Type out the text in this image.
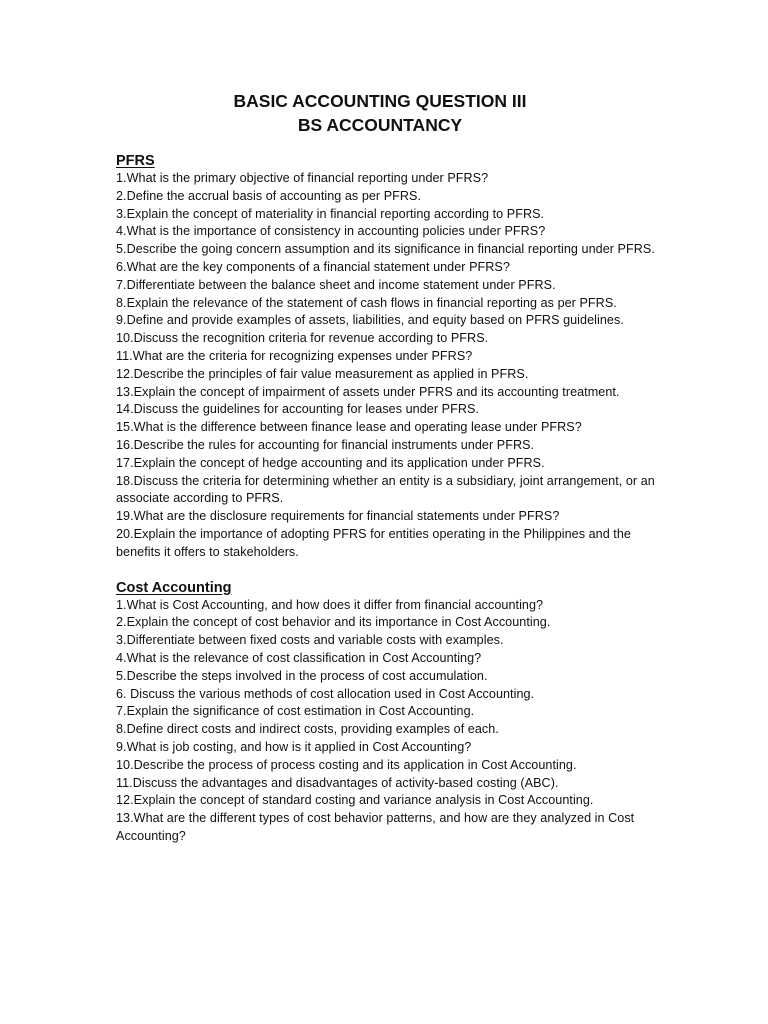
BASIC ACCOUNTING QUESTION III
BS ACCOUNTANCY
PFRS
1.What is the primary objective of financial reporting under PFRS?
2.Define the accrual basis of accounting as per PFRS.
3.Explain the concept of materiality in financial reporting according to PFRS.
4.What is the importance of consistency in accounting policies under PFRS?
5.Describe the going concern assumption and its significance in financial reporting under PFRS.
6.What are the key components of a financial statement under PFRS?
7.Differentiate between the balance sheet and income statement under PFRS.
8.Explain the relevance of the statement of cash flows in financial reporting as per PFRS.
9.Define and provide examples of assets, liabilities, and equity based on PFRS guidelines.
10.Discuss the recognition criteria for revenue according to PFRS.
11.What are the criteria for recognizing expenses under PFRS?
12.Describe the principles of fair value measurement as applied in PFRS.
13.Explain the concept of impairment of assets under PFRS and its accounting treatment.
14.Discuss the guidelines for accounting for leases under PFRS.
15.What is the difference between finance lease and operating lease under PFRS?
16.Describe the rules for accounting for financial instruments under PFRS.
17.Explain the concept of hedge accounting and its application under PFRS.
18.Discuss the criteria for determining whether an entity is a subsidiary, joint arrangement, or an associate according to PFRS.
19.What are the disclosure requirements for financial statements under PFRS?
20.Explain the importance of adopting PFRS for entities operating in the Philippines and the benefits it offers to stakeholders.
Cost Accounting
1.What is Cost Accounting, and how does it differ from financial accounting?
2.Explain the concept of cost behavior and its importance in Cost Accounting.
3.Differentiate between fixed costs and variable costs with examples.
4.What is the relevance of cost classification in Cost Accounting?
5.Describe the steps involved in the process of cost accumulation.
6. Discuss the various methods of cost allocation used in Cost Accounting.
7.Explain the significance of cost estimation in Cost Accounting.
8.Define direct costs and indirect costs, providing examples of each.
9.What is job costing, and how is it applied in Cost Accounting?
10.Describe the process of process costing and its application in Cost Accounting.
11.Discuss the advantages and disadvantages of activity-based costing (ABC).
12.Explain the concept of standard costing and variance analysis in Cost Accounting.
13.What are the different types of cost behavior patterns, and how are they analyzed in Cost Accounting?
